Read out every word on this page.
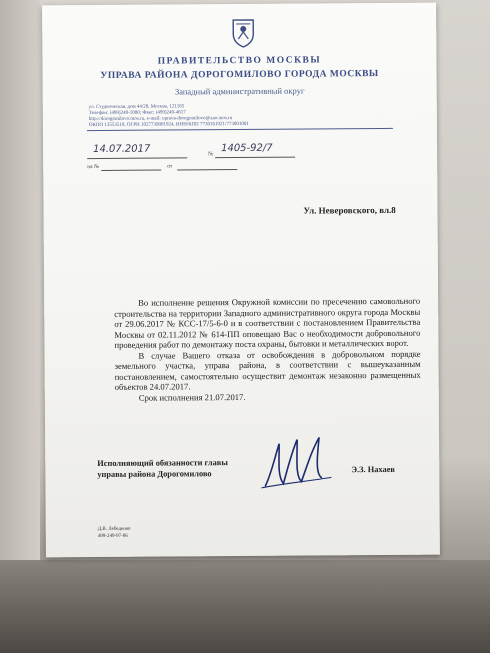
ПРАВИТЕЛЬСТВО МОСКВЫ
УПРАВА РАЙОНА ДОРОГОМИЛОВО ГОРОДА МОСКВЫ
Западный административный округ
ул. Студенческая, дом 44/28, Москва, 121165
Телефон: (499)249-1000; Факс: (499)249-4617
http://dorogomilovo.mos.ru, e-mail: uprava-dorogomilovo@zao.mos.ru
ОКПО 13553519, ОГРН 1027739001924, ИНН/КПП 7730161021/773001001
14.07.2017	№
1405-92/7
на №	от
Ул. Неверовского, вл.8

Во исполнение решения Окружной комиссии по пресечению самовольного строительства на территории Западного административного округа города Москвы от 29.06.2017 № КСС-17/5-6-0 и в соответствии с постановлением Правительства Москвы от 02.11.2012 № 614-ПП оповещаю Вас о необходимости добровольного проведения работ по демонтажу поста охраны, бытовки и металлических ворот.

В случае Вашего отказа от освобождения в добровольном порядке земельного участка, управа района, в соответствии с вышеуказанным постановлением, самостоятельно осуществит демонтаж незаконно размещенных объектов 24.07.2017.

Срок исполнения 21.07.2017.

Исполняющий обязанности главы
управы района Дорогомилово	Э.З. Нахаев
Д.В. Лебеденко
499-249-97-86
